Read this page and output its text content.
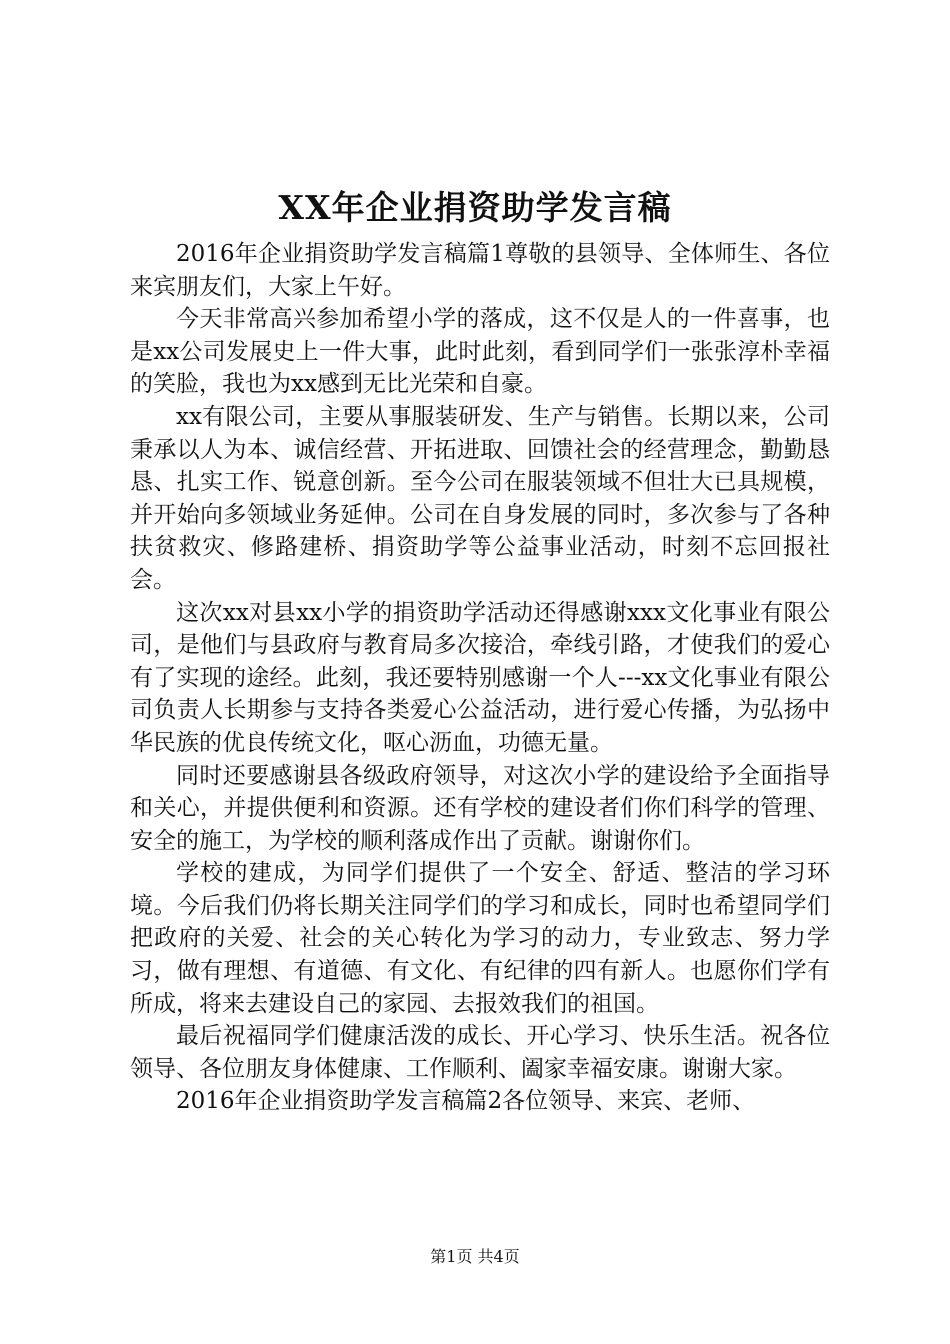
XX年企业捐资助学发言稿

2016年企业捐资助学发言稿篇1尊敬的县领导、全体师生、各位来宾朋友们，大家上午好。

今天非常高兴参加希望小学的落成，这不仅是人的一件喜事，也是xx公司发展史上一件大事，此时此刻，看到同学们一张张淳朴幸福的笑脸，我也为xx感到无比光荣和自豪。

xx有限公司，主要从事服装研发、生产与销售。长期以来，公司秉承以人为本、诚信经营、开拓进取、回馈社会的经营理念，勤勤恳恳、扎实工作、锐意创新。至今公司在服装领域不但壮大已具规模，并开始向多领域业务延伸。公司在自身发展的同时，多次参与了各种扶贫救灾、修路建桥、捐资助学等公益事业活动，时刻不忘回报社会。

这次xx对县xx小学的捐资助学活动还得感谢xxx文化事业有限公司，是他们与县政府与教育局多次接洽，牵线引路，才使我们的爱心有了实现的途经。此刻，我还要特别感谢一个人---xx文化事业有限公司负责人长期参与支持各类爱心公益活动，进行爱心传播，为弘扬中华民族的优良传统文化，呕心沥血，功德无量。

同时还要感谢县各级政府领导，对这次小学的建设给予全面指导和关心，并提供便利和资源。还有学校的建设者们你们科学的管理、安全的施工，为学校的顺利落成作出了贡献。谢谢你们。

学校的建成，为同学们提供了一个安全、舒适、整洁的学习环境。今后我们仍将长期关注同学们的学习和成长，同时也希望同学们把政府的关爱、社会的关心转化为学习的动力，专业致志、努力学习，做有理想、有道德、有文化、有纪律的四有新人。也愿你们学有所成，将来去建设自己的家园、去报效我们的祖国。

最后祝福同学们健康活泼的成长、开心学习、快乐生活。祝各位领导、各位朋友身体健康、工作顺利、阖家幸福安康。谢谢大家。

2016年企业捐资助学发言稿篇2各位领导、来宾、老师、

第1页 共4页
